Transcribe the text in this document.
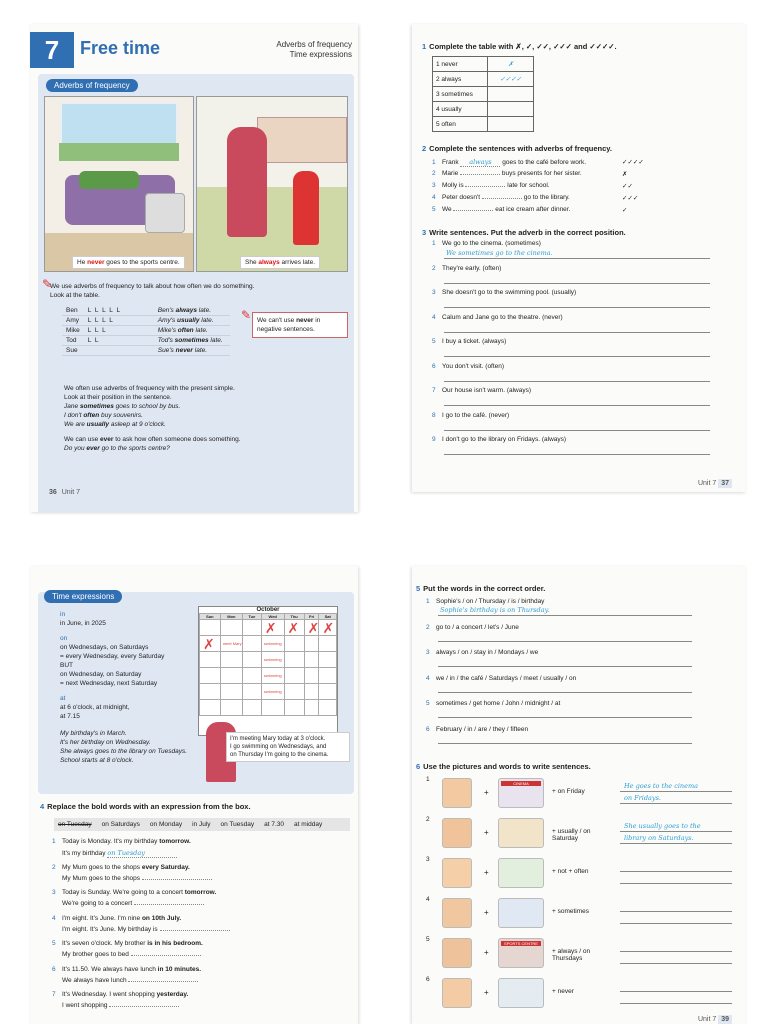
7	Free time	Adverbs of frequency
Time expressions
Adverbs of frequency
He never goes to the sports centre.	She always arrives late.
✎
We use adverbs of frequency to talk about how often we do something.
Look at the table.
Ben	L L L L L	Ben's always late.
Amy	L L L L	Amy's usually late.
Mike	L L L	Mike's often late.
Tod	L L	Tod's sometimes late.
Sue		Sue's never late.
✎ We can't use never in negative sentences.
We often use adverbs of frequency with the present simple.
Look at their position in the sentence.
Jane sometimes goes to school by bus.
I don't often buy souvenirs.
We are usually asleep at 9 o'clock.
We can use ever to ask how often someone does something.
Do you ever go to the sports centre?
36 Unit 7
1 Complete the table with ✗, ✓, ✓✓, ✓✓✓ and ✓✓✓✓.
1 never	✗
2 always	✓✓✓✓
3 sometimes	
4 usually	
5 often	
2 Complete the sentences with adverbs of frequency.
1 Frank always goes to the café before work.	✓✓✓✓
2 Marie	buys presents for her sister.	✗
3 Molly is	late for school.	✓✓
4 Peter doesn't	go to the library.	✓✓✓
5 We	eat ice cream after dinner.	✓
3 Write sentences. Put the adverb in the correct position.
1 We go to the cinema. (sometimes)
We sometimes go to the cinema.
2 They're early. (often)
3 She doesn't go to the swimming pool. (usually)
4 Calum and Jane go to the theatre. (never)
5 I buy a ticket. (always)
6 You don't visit. (often)
7 Our house isn't warm. (always)
8 I go to the café. (never)
9 I don't go to the library on Fridays. (always)
Unit 7 37
Time expressions
in
in June, in 2025
on
on Wednesdays, on Saturdays
= every Wednesday, every Saturday
BUT
on Wednesday, on Saturday
= next Wednesday, next Saturday
at
at 6 o'clock, at midnight,
at 7.15
My birthday's in March.
It's her birthday on Wednesday.
She always goes to the library on Tuesdays.
School starts at 8 o'clock.
October
Sun	Mon	Tue	Wed	Thu	Fri	Sat

			✗	✗	✗	✗

✗	meet Mary		swimming			

			swimming			

			swimming			

			swimming			

I'm meeting Mary today at 3 o'clock.
I go swimming on Wednesdays, and
on Thursday I'm going to the cinema.
4 Replace the bold words with an expression from the box.
on Tuesday on Saturdays on Monday in July on Tuesday at 7.30 at midday
1 Today is Monday. It's my birthday tomorrow.
It's my birthday on Tuesday
2 My Mum goes to the shops every Saturday.
My Mum goes to the shops
3 Today is Sunday. We're going to a concert tomorrow.
We're going to a concert
4 I'm eight. It's June. I'm nine on 10th July.
I'm eight. It's June. My birthday is
5 It's seven o'clock. My brother is in his bedroom.
My brother goes to bed
6 It's 11.50. We always have lunch in 10 minutes.
We always have lunch
7 It's Wednesday. I went shopping yesterday.
I went shopping
5 Put the words in the correct order.
1 Sophie's / on / Thursday / is / birthday
Sophie's birthday is on Thursday.
2 go to / a concert / let's / June
3 always / on / stay in / Mondays / we
4 we / in / the café / Saturdays / meet / usually / on
5 sometimes / get home / John / midnight / at
6 February / in / are / they / fifteen
6 Use the pictures and words to write sentences.
1
+
CINEMA
+ on Friday
He goes to the cinema
on Fridays.
2
+	+ usually / on Saturday
She usually goes to the
library on Saturdays.
3
+	+ not + often
4
+	+ sometimes
5
+
SPORTS CENTRE
+ always / on Thursdays
6
+	+ never
Unit 7 39
